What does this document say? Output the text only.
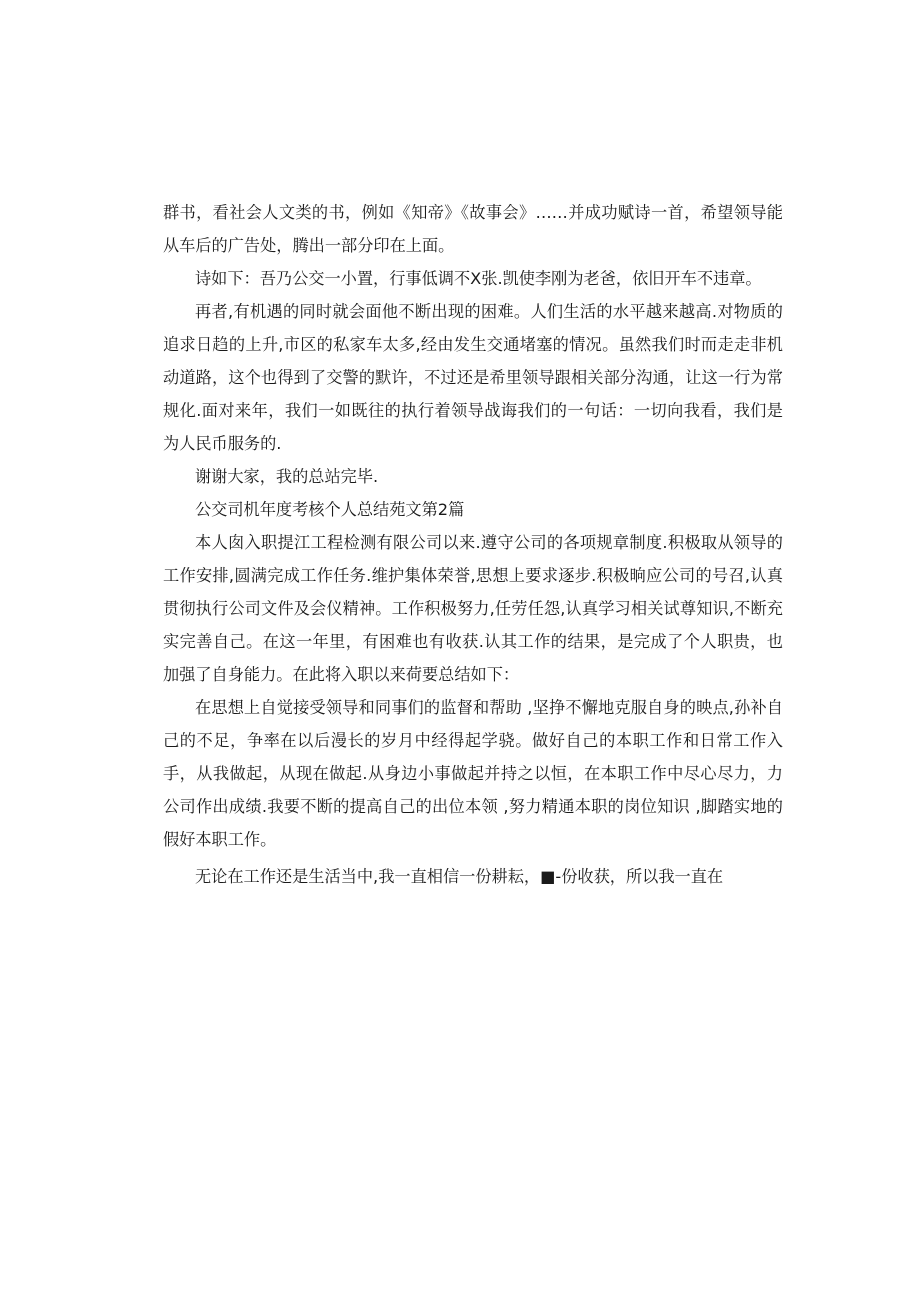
群书，看社会人文类的书，例如《知帝》《故事会》……并成功赋诗一首，希望领导能从车后的广告处，腾出一部分印在上面。

诗如下：吾乃公交一小置，行事低调不X张.凯使李刚为老爸，依旧开车不违章。

再者,有机遇的同时就会面他不断出现的困难。人们生活的水平越来越高.对物质的追求日趋的上升,市区的私家车太多,经由发生交通堵塞的情况。虽然我们时而走走非机动道路，这个也得到了交警的默许，不过还是希里领导跟相关部分沟通，让这一行为常规化.面对来年，我们一如既往的执行着领导战诲我们的一句话：一切向我看，我们是为人民币服务的.

谢谢大家，我的总站完毕.

公交司机年度考核个人总结苑文第2篇

本人囱入职提江工程检测有限公司以来.遵守公司的各项规章制度.积极取从领导的工作安排,圆满完成工作任务.维护集体荣誉,思想上要求逐步.积极晌应公司的号召,认真贯彻执行公司文件及会仪精神。工作积极努力,任劳任怨,认真学习相关试尊知识,不断充实完善自己。在这一年里，有困难也有收获.认其工作的结果，是完成了个人职贵，也加强了自身能力。在此将入职以来荷要总结如下：

在思想上自觉接受领导和同事们的监督和帮助 ,坚挣不懈地克服自身的映点,孙补自己的不足，争率在以后漫长的岁月中经得起学骁。做好自己的本职工作和日常工作入手，从我做起，从现在做起.从身边小事做起并持之以恒，在本职工作中尽心尽力，力公司作出成绩.我要不断的提高自己的出位本领 ,努力精通本职的岗位知识 ,脚踏实地的假好本职工作。

无论在工作还是生活当中,我一直相信一份耕耘，■-份收获，所以我一直在
